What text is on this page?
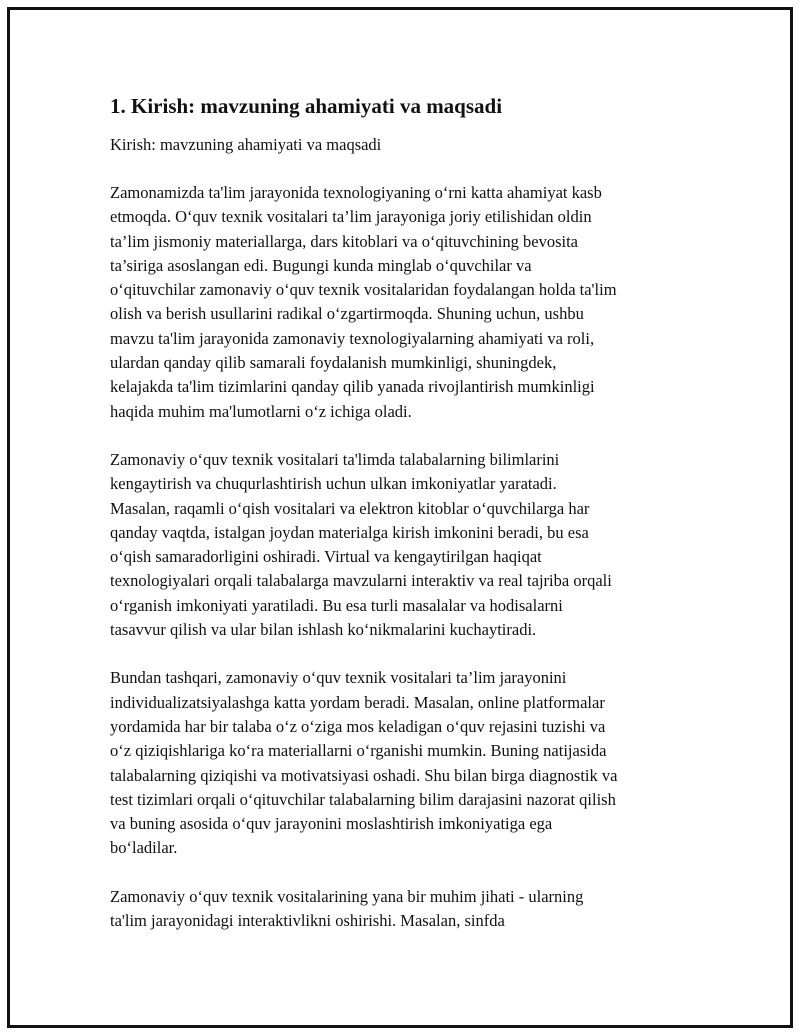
1. Kirish: mavzuning ahamiyati va maqsadi
Kirish: mavzuning ahamiyati va maqsadi
Zamonamizda ta'lim jarayonida texnologiyaning o‘rni katta ahamiyat kasb
etmoqda. O‘quv texnik vositalari ta’lim jarayoniga joriy etilishidan oldin
ta’lim jismoniy materiallarga, dars kitoblari va o‘qituvchining bevosita
ta’siriga asoslangan edi. Bugungi kunda minglab o‘quvchilar va
o‘qituvchilar zamonaviy o‘quv texnik vositalaridan foydalangan holda ta'lim
olish va berish usullarini radikal o‘zgartirmoqda. Shuning uchun, ushbu
mavzu ta'lim jarayonida zamonaviy texnologiyalarning ahamiyati va roli,
ulardan qanday qilib samarali foydalanish mumkinligi, shuningdek,
kelajakda ta'lim tizimlarini qanday qilib yanada rivojlantirish mumkinligi
haqida muhim ma'lumotlarni o‘z ichiga oladi.
Zamonaviy o‘quv texnik vositalari ta'limda talabalarning bilimlarini
kengaytirish va chuqurlashtirish uchun ulkan imkoniyatlar yaratadi.
Masalan, raqamli o‘qish vositalari va elektron kitoblar o‘quvchilarga har
qanday vaqtda, istalgan joydan materialga kirish imkonini beradi, bu esa
o‘qish samaradorligini oshiradi. Virtual va kengaytirilgan haqiqat
texnologiyalari orqali talabalarga mavzularni interaktiv va real tajriba orqali
o‘rganish imkoniyati yaratiladi. Bu esa turli masalalar va hodisalarni
tasavvur qilish va ular bilan ishlash ko‘nikmalarini kuchaytiradi.
Bundan tashqari, zamonaviy o‘quv texnik vositalari ta’lim jarayonini
individualizatsiyalashga katta yordam beradi. Masalan, online platformalar
yordamida har bir talaba o‘z o‘ziga mos keladigan o‘quv rejasini tuzishi va
o‘z qiziqishlariga ko‘ra materiallarni o‘rganishi mumkin. Buning natijasida
talabalarning qiziqishi va motivatsiyasi oshadi. Shu bilan birga diagnostik va
test tizimlari orqali o‘qituvchilar talabalarning bilim darajasini nazorat qilish
va buning asosida o‘quv jarayonini moslashtirish imkoniyatiga ega
bo‘ladilar.
Zamonaviy o‘quv texnik vositalarining yana bir muhim jihati - ularning
ta'lim jarayonidagi interaktivlikni oshirishi. Masalan, sinfda
